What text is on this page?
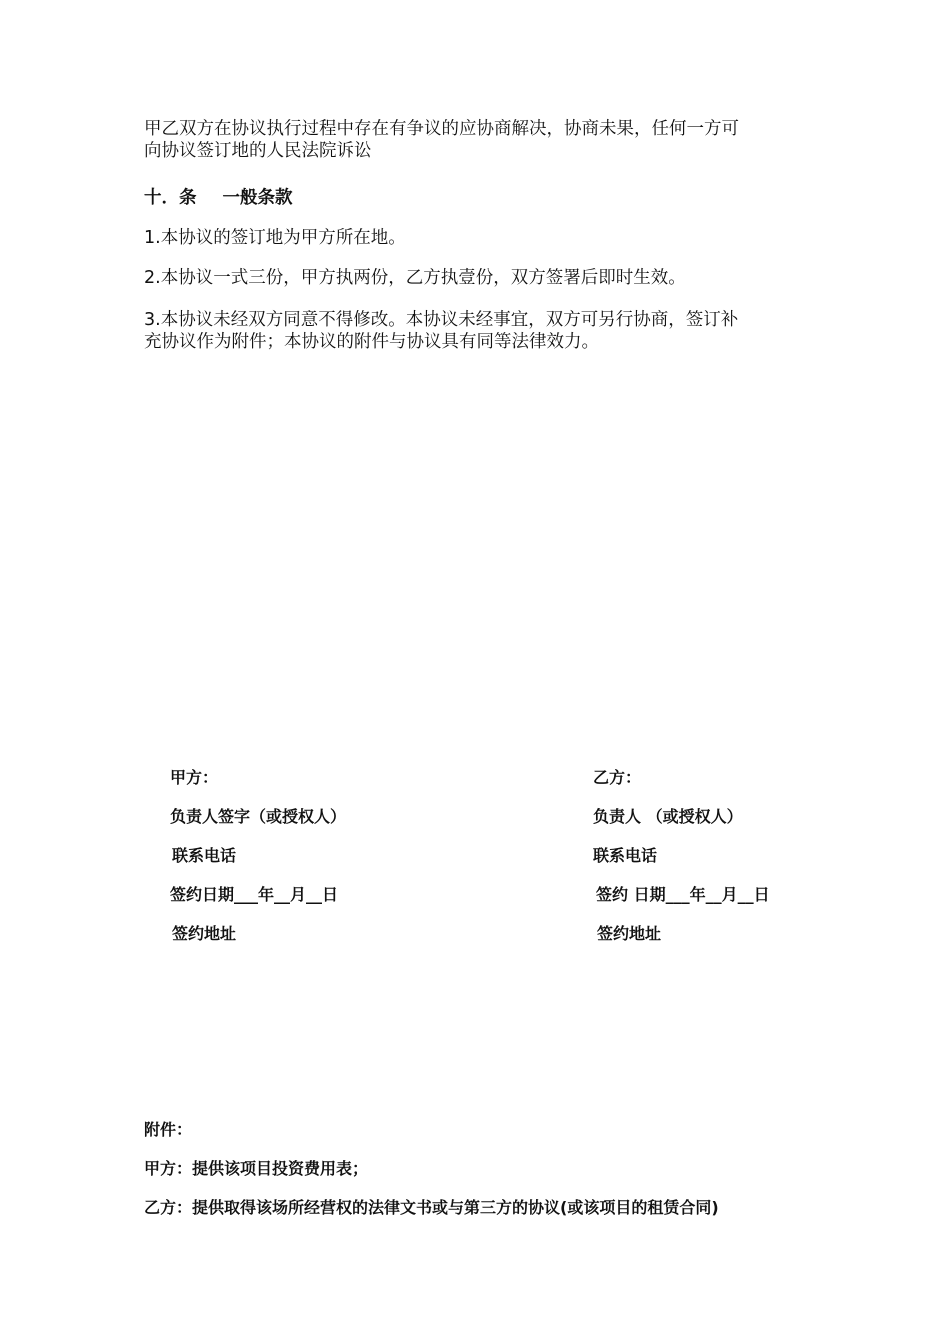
甲乙双方在协议执行过程中存在有争议的应协商解决，协商未果，任何一方可
向协议签订地的人民法院诉讼
十．条 一般条款
1.本协议的签订地为甲方所在地。
2.本协议一式三份，甲方执两份，乙方执壹份，双方签署后即时生效。
3.本协议未经双方同意不得修改。本协议未经事宜，双方可另行协商，签订补
充协议作为附件；本协议的附件与协议具有同等法律效力。
甲方：
负责人签字（或授权人）
联系电话
签约日期___年__月__日
签约地址
乙方：
负责人 （或授权人）
联系电话
签约 日期___年__月__日
签约地址
附件：
甲方：提供该项目投资费用表；
乙方：提供取得该场所经营权的法律文书或与第三方的协议(或该项目的租赁合同)
